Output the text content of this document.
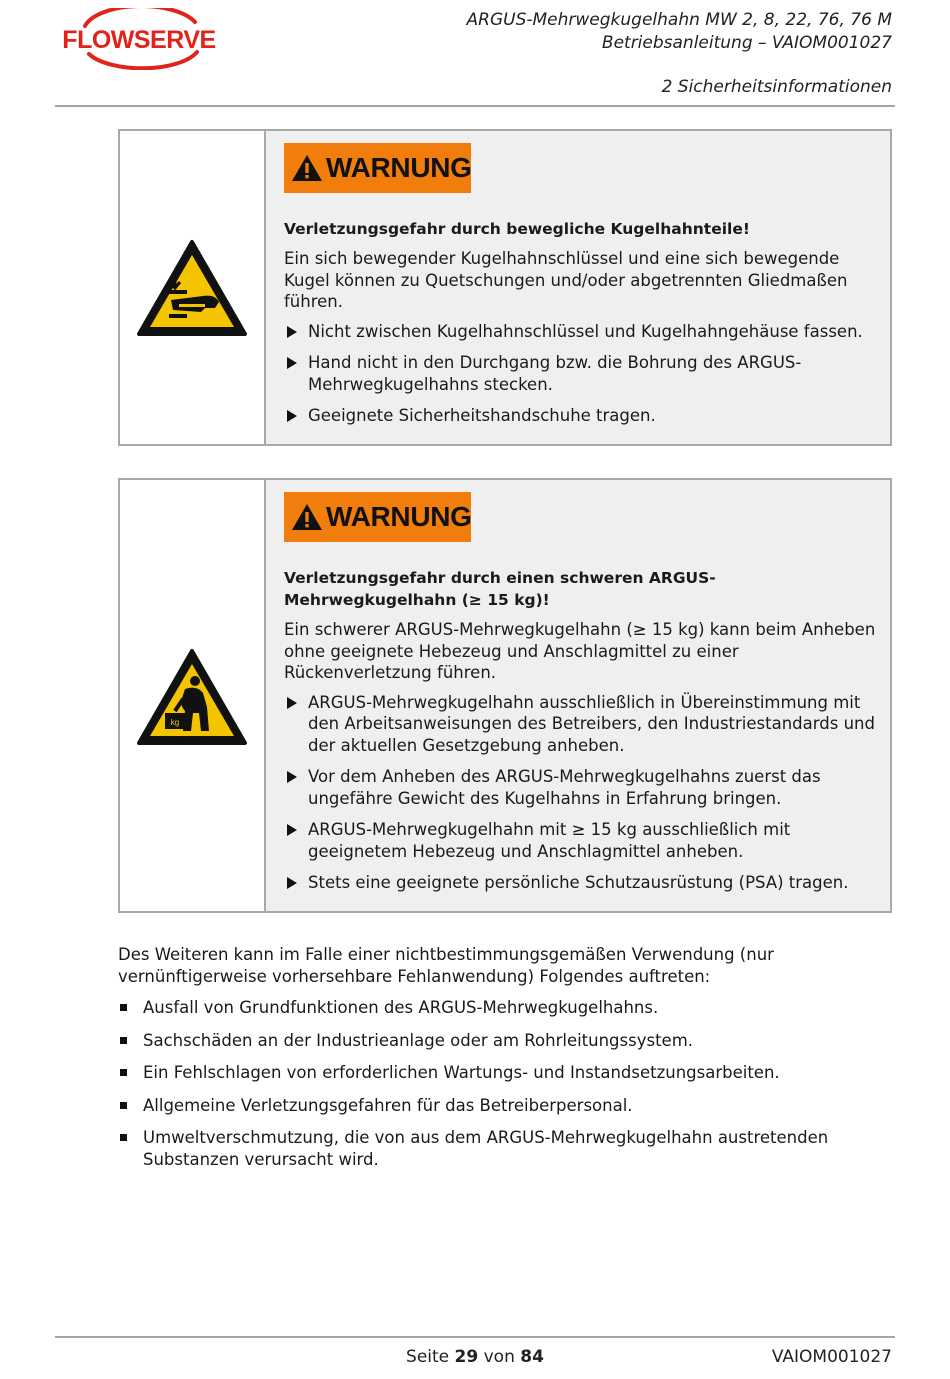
FLOWSERVE
ARGUS-Mehrwegkugelhahn MW 2, 8, 22, 76, 76 M
Betriebsanleitung – VAIOM001027
2 Sicherheitsinformationen
WARNUNG
Verletzungsgefahr durch bewegliche Kugelhahnteile!
Ein sich bewegender Kugelhahnschlüssel und eine sich bewegende Kugel können zu Quetschungen und/oder abgetrennten Gliedmaßen führen.
Nicht zwischen Kugelhahnschlüssel und Kugelhahngehäuse fassen.
Hand nicht in den Durchgang bzw. die Bohrung des ARGUS-Mehrwegkugelhahns stecken.
Geeignete Sicherheitshandschuhe tragen.
kg
WARNUNG
Verletzungsgefahr durch einen schweren ARGUS-Mehrwegkugelhahn (≥ 15 kg)!
Ein schwerer ARGUS-Mehrwegkugelhahn (≥ 15 kg) kann beim Anheben ohne geeignete Hebezeug und Anschlagmittel zu einer Rückenverletzung führen.
ARGUS-Mehrwegkugelhahn ausschließlich in Übereinstimmung mit den Arbeitsanweisungen des Betreibers, den Industriestandards und der aktuellen Gesetzgebung anheben.
Vor dem Anheben des ARGUS-Mehrwegkugelhahns zuerst das ungefähre Gewicht des Kugelhahns in Erfahrung bringen.
ARGUS-Mehrwegkugelhahn mit ≥ 15 kg ausschließlich mit geeignetem Hebezeug und Anschlagmittel anheben.
Stets eine geeignete persönliche Schutzausrüstung (PSA) tragen.

Des Weiteren kann im Falle einer nichtbestimmungsgemäßen Verwendung (nur vernünftigerweise vorhersehbare Fehlanwendung) Folgendes auftreten:

Ausfall von Grundfunktionen des ARGUS-Mehrwegkugelhahns.
Sachschäden an der Industrieanlage oder am Rohrleitungssystem.
Ein Fehlschlagen von erforderlichen Wartungs- und Instandsetzungsarbeiten.
Allgemeine Verletzungsgefahren für das Betreiberpersonal.
Umweltverschmutzung, die von aus dem ARGUS-Mehrwegkugelhahn austretenden Substanzen verursacht wird.
Seite 29 von 84	VAIOM001027
